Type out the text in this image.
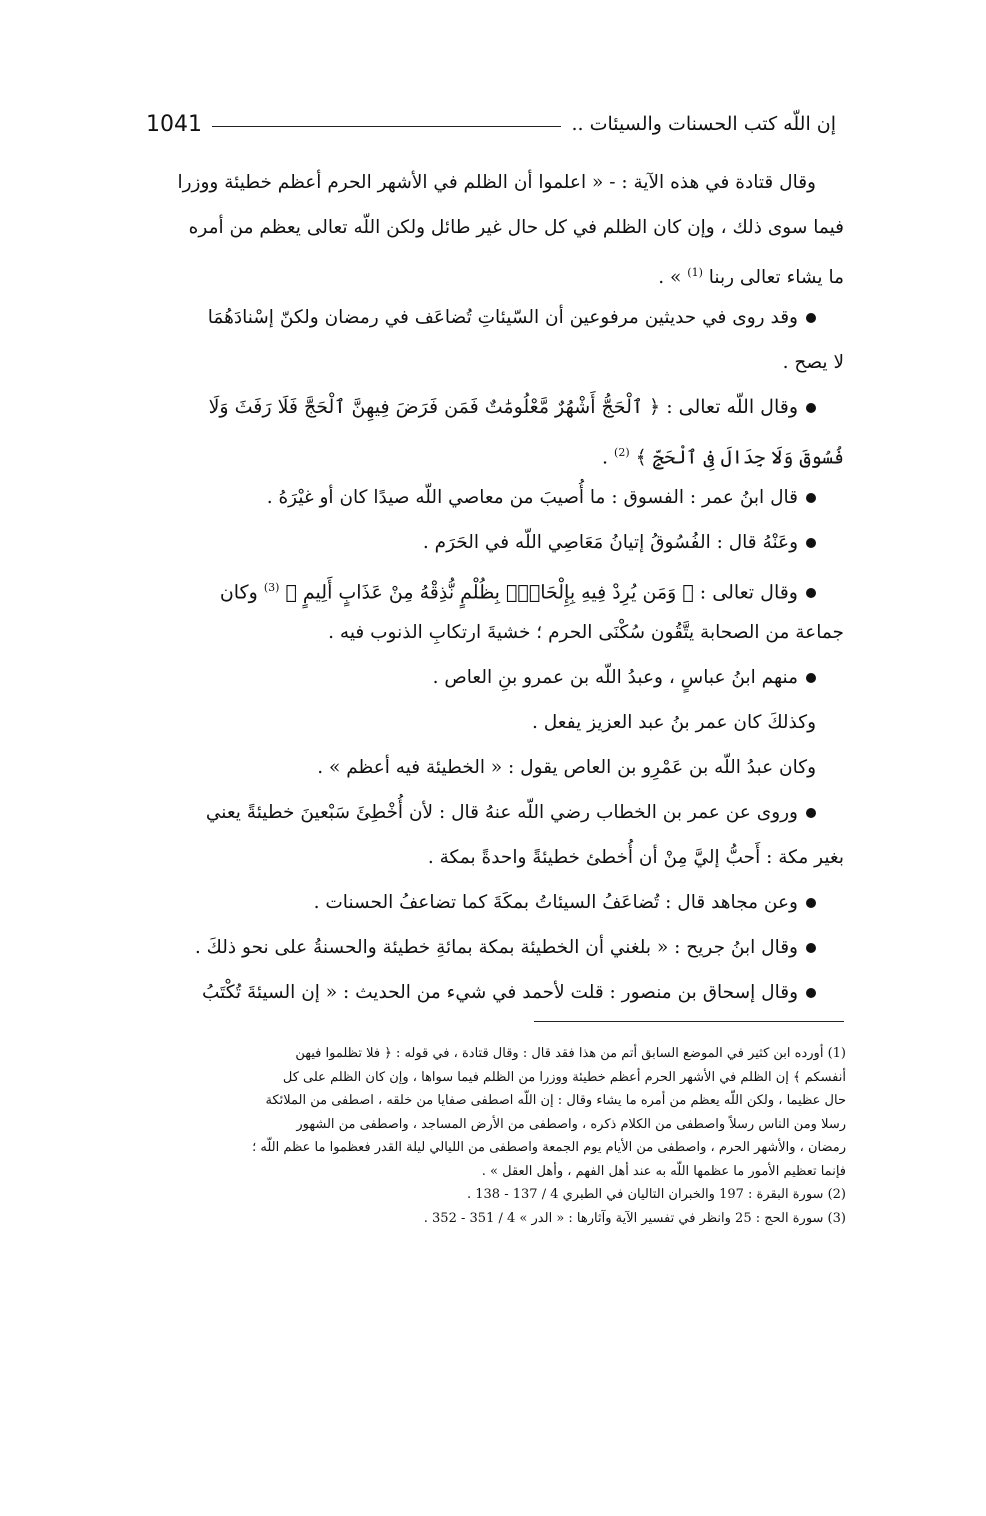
1041	إن اللّه كتب الحسنات والسيئات ..
وقال قتادة في هذه الآية : - « اعلموا أن الظلم في الأشهر الحرم أعظم خطيئة ووزرا
فيما سوى ذلك ، وإن كان الظلم في كل حال غير طائل ولكن اللّه تعالى يعظم من أمره
ما يشاء تعالى ربنا $^{(1)}$ » .
وقد روى في حديثين مرفوعين أن السّيئاتِ تُضاعَف في رمضان ولكنّ إسْنادَهُمَا
لا يصح .
وقال اللّه تعالى : ﴿ ٱلْحَجُّ أَشْهُرٌ مَّعْلُومَٰتٌ فَمَن فَرَضَ فِيهِنَّ ٱلْحَجَّ فَلَا رَفَثَ وَلَا
فُسُوقَ وَلَا جِدَالَ فِى ٱلْحَجِّ ﴾ $^{(2)}$ .
قال ابنُ عمر : الفسوق : ما أُصيبَ من معاصي اللّه صيدًا كان أو غيْرَهُ .
وعَنْهُ قال : الفُسُوقُ إتيانُ مَعَاصِي اللّه في الحَرَم .
وقال تعالى : ﴿ وَمَن يُرِدْ فِيهِ بِإِلْحَادٍۭ بِظُلْمٍ نُّذِقْهُ مِنْ عَذَابٍ أَلِيمٍ ﴾ $^{(3)}$ وكان
جماعة من الصحابة يتَّقُون سُكْنَى الحرم ؛ خشيةَ ارتكابِ الذنوب فيه .
منهم ابنُ عباسٍ ، وعبدُ اللّه بن عمرو بنِ العاص .
وكذلكَ كان عمر بنُ عبد العزيز يفعل .
وكان عبدُ اللّه بن عَمْرِو بن العاص يقول : « الخطيئة فيه أعظم » .
وروى عن عمر بن الخطاب رضي اللّه عنهُ قال : لأن أُخْطِئَ سَبْعينَ خطيئةً يعني
بغير مكة : أَحبُّ إليَّ مِنْ أن أُخطئ خطيئةً واحدةً بمكة .
وعن مجاهد قال : تُضاعَفُ السيئاتُ بمكَةَ كما تضاعفُ الحسنات .
وقال ابنُ جريح : « بلغني أن الخطيئة بمكة بمائةِ خطيئة والحسنةُ على نحو ذلكَ .
وقال إسحاق بن منصور : قلت لأحمد في شيء من الحديث : « إن السيئةَ تُكْتَبُ
(1) أورده ابن كثير في الموضع السابق أتم من هذا فقد قال : وقال قتادة ، في قوله : ﴿ فلا تظلموا فيهن
أنفسكم ﴾ إن الظلم في الأشهر الحرم أعظم خطيئة ووزرا من الظلم فيما سواها ، وإن كان الظلم على كل
حال عظيما ، ولكن اللّه يعظم من أمره ما يشاء وقال : إن اللّه اصطفى صفايا من خلقه ، اصطفى من الملائكة
رسلا ومن الناس رسلاً واصطفى من الكلام ذكره ، واصطفى من الأرض المساجد ، واصطفى من الشهور
رمضان ، والأشهر الحرم ، واصطفى من الأيام يوم الجمعة واصطفى من الليالي ليلة القدر فعظموا ما عظم اللّه ؛
فإنما تعظيم الأمور ما عظمها اللّه به عند أهل الفهم ، وأهل العقل » .
(2) سورة البقرة : 197 والخبران التاليان في الطبري 4 / 137 - 138 .
(3) سورة الحج : 25 وانظر في تفسير الآية وآثارها : « الدر » 4 / 351 - 352 .
